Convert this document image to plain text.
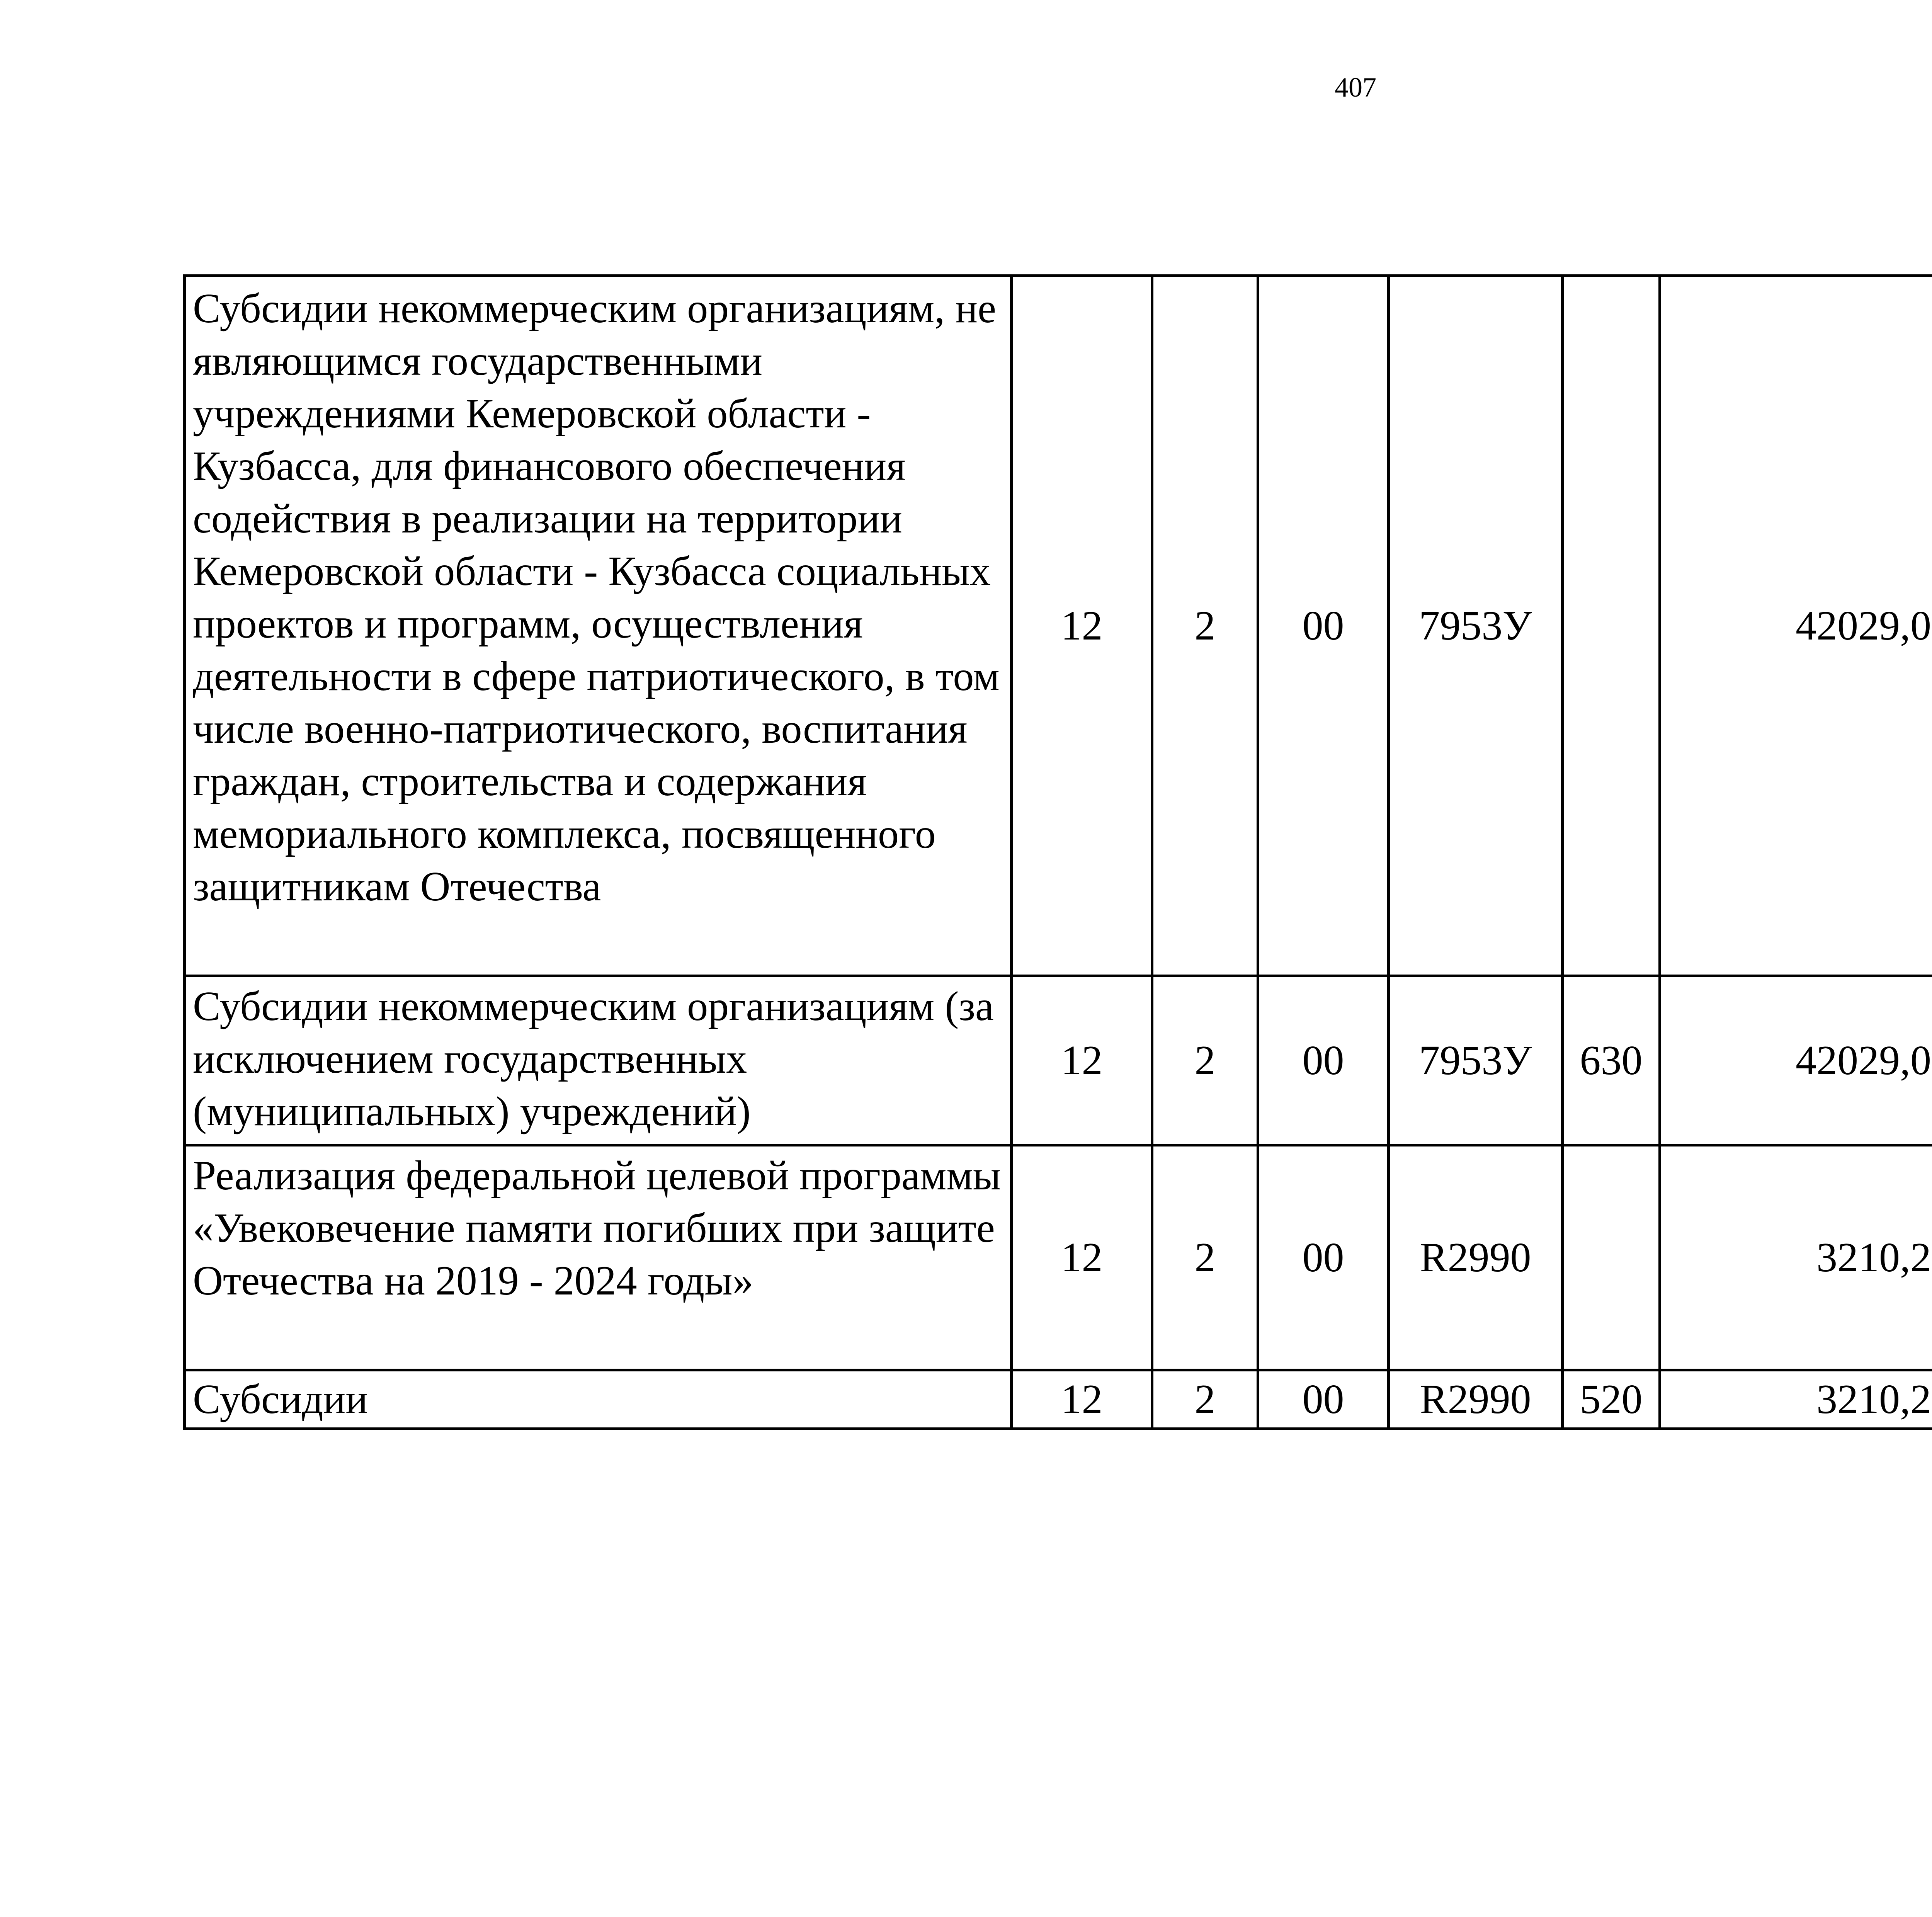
407
Субсидии некоммерческим организациям, не являющимся государственными учреждениями Кемеровской области - Кузбасса, для финансового обеспечения содействия в реализации на территории Кемеровской области - Кузбасса социальных проектов и программ, осуществления деятельности в сфере патриотического, в том числе военно-патриотического, воспитания граждан, строительства и содержания мемориального комплекса, посвященного защитникам Отечества	12	2	00	7953У		42029,0		
Субсидии некоммерческим организациям (за исключением государственных (муниципальных) учреждений)	12	2	00	7953У	630	42029,0		
Реализация федеральной целевой программы «Увековечение памяти погибших при защите Отечества на 2019 - 2024 годы»	12	2	00	R2990		3210,2		
Субсидии	12	2	00	R2990	520	3210,2		
